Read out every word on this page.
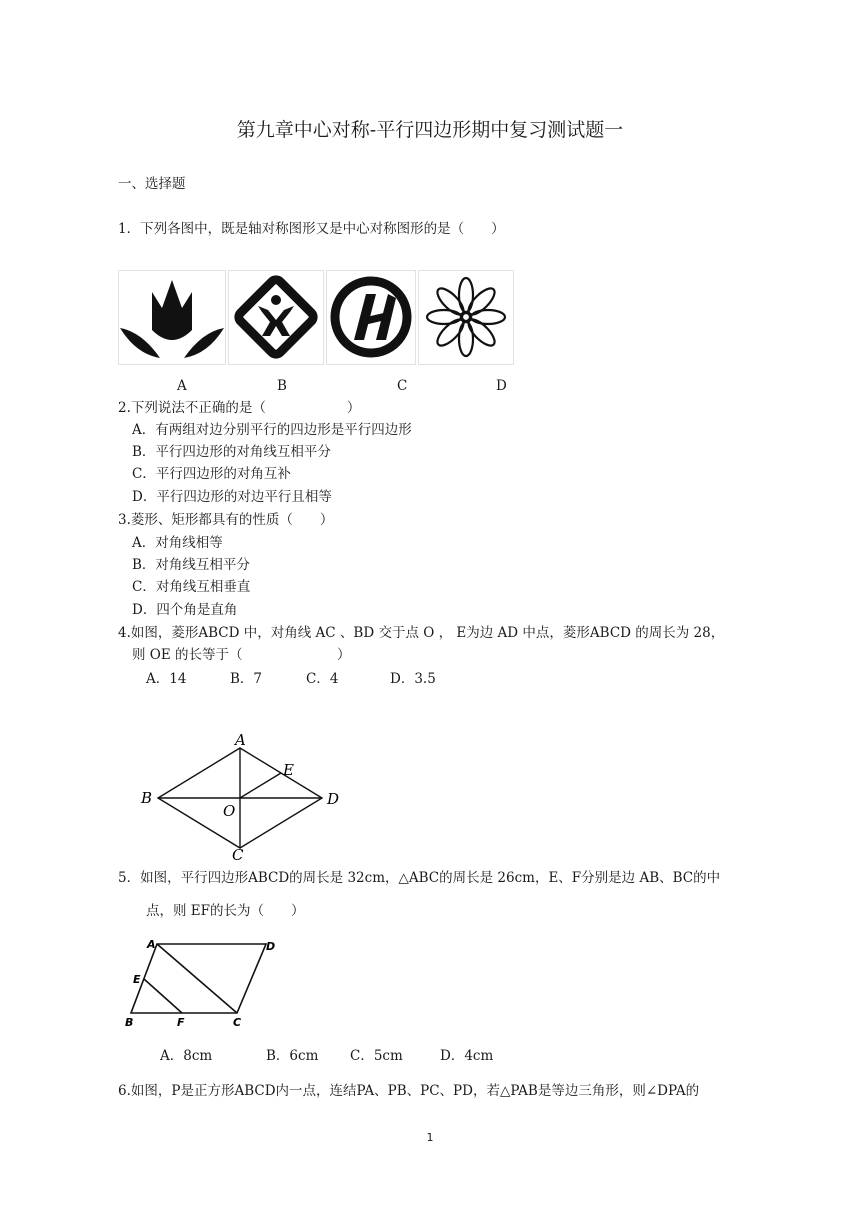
第九章中心对称-平行四边形期中复习测试题一
一、选择题
1．下列各图中，既是轴对称图形又是中心对称图形的是（　　）
A	B	C	D
2.下列说法不正确的是（　　　　　　）
A．有两组对边分别平行的四边形是平行四边形
B．平行四边形的对角线互相平分
C．平行四边形的对角互补
D．平行四边形的对边平行且相等
3.菱形、矩形都具有的性质（　　）
A．对角线相等
B．对角线互相平分
C．对角线互相垂直
D．四个角是直角
4.如图，菱形ABCD 中，对角线 AC 、BD 交于点 O ， E为边 AD 中点，菱形ABCD 的周长为 28，
则 OE 的长等于（　　　　　　　）
A．14	B．7	C．4	D．3.5
A
B
C
D
E
O
5．如图，平行四边形ABCD的周长是 32cm，△ABC的周长是 26cm，E、F分别是边 AB、BC的中
点，则 EF的长为（　　）
A	D
E
B	F	C
A．8cm	B．6cm C．5cm	D．4cm
6.如图，P是正方形ABCD内一点，连结PA、PB、PC、PD，若△PAB是等边三角形，则∠DPA的
1
